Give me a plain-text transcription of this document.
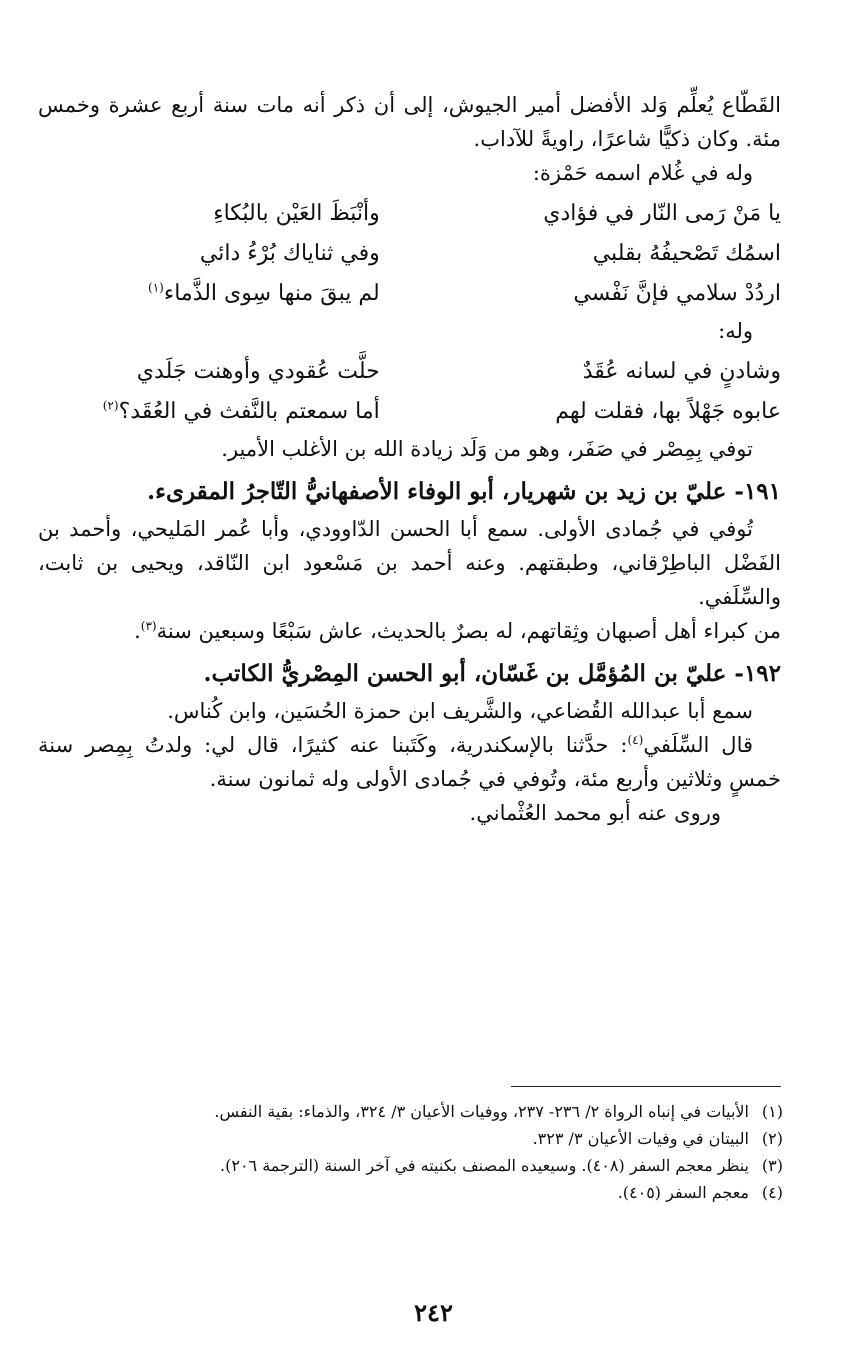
القَطّاع يُعلِّم وَلد الأفضل أمير الجيوش، إلى أن ذكر أنه مات سنة أربع عشرة وخمس مئة. وكان ذكيًّا شاعرًا، راويةً للآداب.

وله في غُلام اسمه حَمْزة:

يا مَنْ رَمى النّار في فؤادي
وأنْبَظَ العَيْن بالبُكاءِ
اسمُك تَصْحيفُهُ بقلبي
وفي ثناياك بُرْءُ دائي
اردُدْ سلامي فإنَّ نَفْسي
لم يبقَ منها سِوى الذَّماء$^{(١)}$

وله:

وشادنٍ في لسانه عُقَدٌ
حلَّت عُقودي وأوهنت جَلَدي
عابوه جَهْلاً بها، فقلت لهم
أما سمعتم بالنَّفث في العُقَد؟$^{(٢)}$

توفي بِمِصْر في صَفَر، وهو من وَلَد زيادة الله بن الأغلب الأمير.

١٩١- عليّ بن زيد بن شهريار، أبو الوفاء الأصفهانيُّ التّاجرُ المقرىء.

تُوفي في جُمادى الأولى. سمع أبا الحسن الدّاوودي، وأبا عُمر المَليحي، وأحمد بن الفَضْل الباطِرْقاني، وطبقتهم. وعنه أحمد بن مَسْعود ابن النّاقد، ويحيى بن ثابت، والسِّلَفي.

من كبراء أهل أصبهان وثِقاتهم، له بصرٌ بالحديث، عاش سَبْعًا وسبعين سنة$^{(٣)}$.

١٩٢- عليّ بن المُؤمَّل بن غَسّان، أبو الحسن المِصْريُّ الكاتب.

سمع أبا عبدالله القُضاعي، والشَّريف ابن حمزة الحُسَين، وابن كُناس.

قال السِّلَفي$^{(٤)}$: حدَّثنا بالإسكندرية، وكَتَبنا عنه كثيرًا، قال لي: ولدتُ بِمِصر سنة خمسٍ وثلاثين وأربع مئة، وتُوفي في جُمادى الأولى وله ثمانون سنة.

وروى عنه أبو محمد العُثْماني.

(١)
الأبيات في إنباه الرواة ٢/ ٢٣٦- ٢٣٧، ووفيات الأعيان ٣/ ٣٢٤، والذماء: بقية النفس.
(٢)
البيتان في وفيات الأعيان ٣/ ٣٢٣.
(٣)
ينظر معجم السفر (٤٠٨). وسيعيده المصنف بكنيته في آخر السنة (الترجمة ٢٠٦).
(٤)
معجم السفر (٤٠٥).
٢٤٢
